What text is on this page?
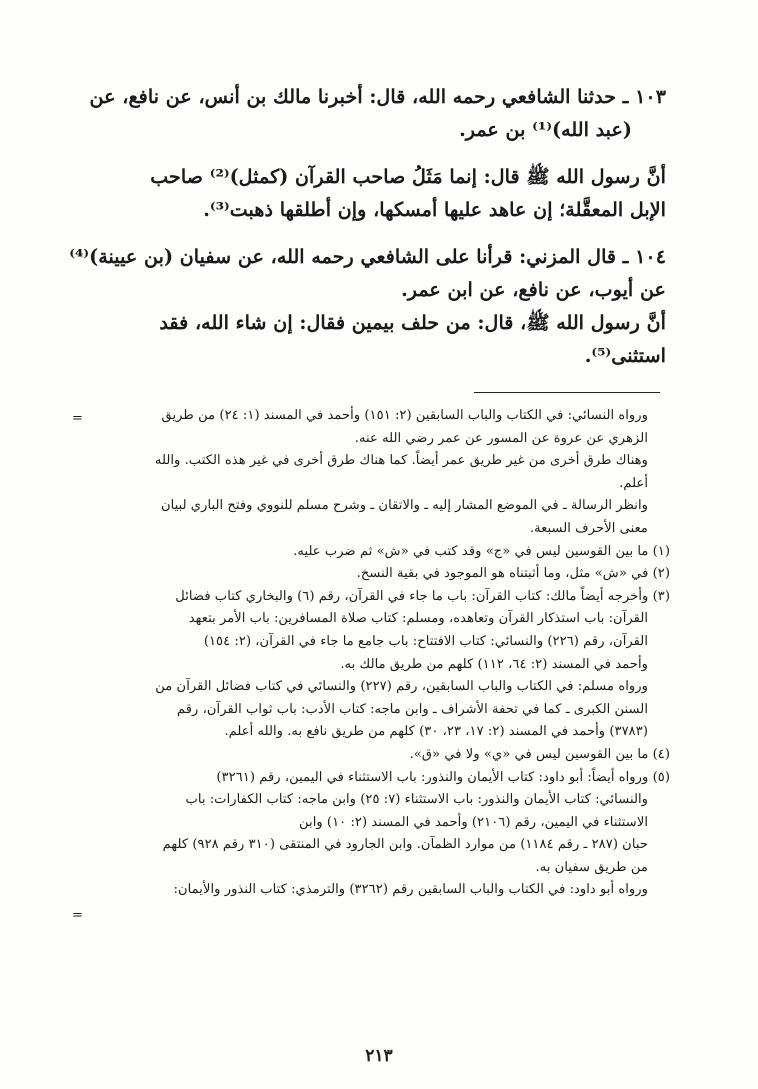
١٠٣ ـ حدثنا الشافعي رحمه الله، قال: أخبرنا مالك بن أنس، عن نافع، عن
(عبد الله)⁽¹⁾ بن عمر.

أنَّ رسول الله ﷺ قال: إنما مَثَلُ صاحب القرآن (كمثل)⁽²⁾ صاحب
الإبل المعقَّلة؛ إن عاهد عليها أمسكها، وإن أطلقها ذهبت⁽³⁾.

١٠٤ ـ قال المزني: قرأنا على الشافعي رحمه الله، عن سفيان (بن عيينة)⁽⁴⁾
عن أيوب، عن نافع، عن ابن عمر.
أنَّ رسول الله ﷺ، قال: من حلف بيمين فقال: إن شاء الله، فقد
استثنى⁽⁵⁾.

=	ورواه النسائي: في الكتاب والباب السابقين (٢: ١٥١) وأحمد في المسند (١: ٢٤) من طريق
الزهري عن عروة عن المسور عن عمر رضي الله عنه.
وهناك طرق أخرى من غير طريق عمر أيضاً. كما هناك طرق أخرى في غير هذه الكتب. والله
أعلم.
وانظر الرسالة ـ في الموضع المشار إليه ـ والاتقان ـ وشرح مسلم للنووي وفتح الباري لبيان
معنى الأحرف السبعة.
(١) ما بين القوسين ليس في «ج» وقد كتب في «ش» ثم ضرب عليه.
(٢) في «ش» مثل، وما أثبتناه هو الموجود في بقية النسخ.
(٣) وأخرجه أيضاً مالك: كتاب القرآن: باب ما جاء في القرآن، رقم (٦) والبخاري كتاب فضائل
القرآن: باب استذكار القرآن وتعاهده، ومسلم: كتاب صلاة المسافرين: باب الأمر بتعهد
القرآن، رقم (٢٢٦) والنسائي: كتاب الافتتاح: باب جامع ما جاء في القرآن، (٢: ١٥٤)
وأحمد في المسند (٢: ٦٤، ١١٢) كلهم من طريق مالك به.
ورواه مسلم: في الكتاب والباب السابقين، رقم (٢٢٧) والنسائي في كتاب فضائل القرآن من
السنن الكبرى ـ كما في تحفة الأشراف ـ وابن ماجه: كتاب الأدب: باب ثواب القرآن، رقم
(٣٧٨٣) وأحمد في المسند (٢: ١٧، ٢٣، ٣٠) كلهم من طريق نافع به. والله أعلم.
(٤) ما بين القوسين ليس في «ي» ولا في «ق».
(٥) ورواه أيضاً: أبو داود: كتاب الأيمان والنذور: باب الاستثناء في اليمين، رقم (٣٢٦١)
والنسائي: كتاب الأيمان والنذور: باب الاستثناء (٧: ٢٥) وابن ماجه: كتاب الكفارات: باب
الاستثناء في اليمين، رقم (٢١٠٦) وأحمد في المسند (٢: ١٠) وابن
حبان (٢٨٧ ـ رقم ١١٨٤) من موارد الظمآن. وابن الجارود في المنتقى (٣١٠ رقم ٩٢٨) كلهم
من طريق سفيان به.
ورواه أبو داود: في الكتاب والباب السابقين رقم (٣٢٦٢) والترمذي: كتاب النذور والأيمان:
=
٢١٣
